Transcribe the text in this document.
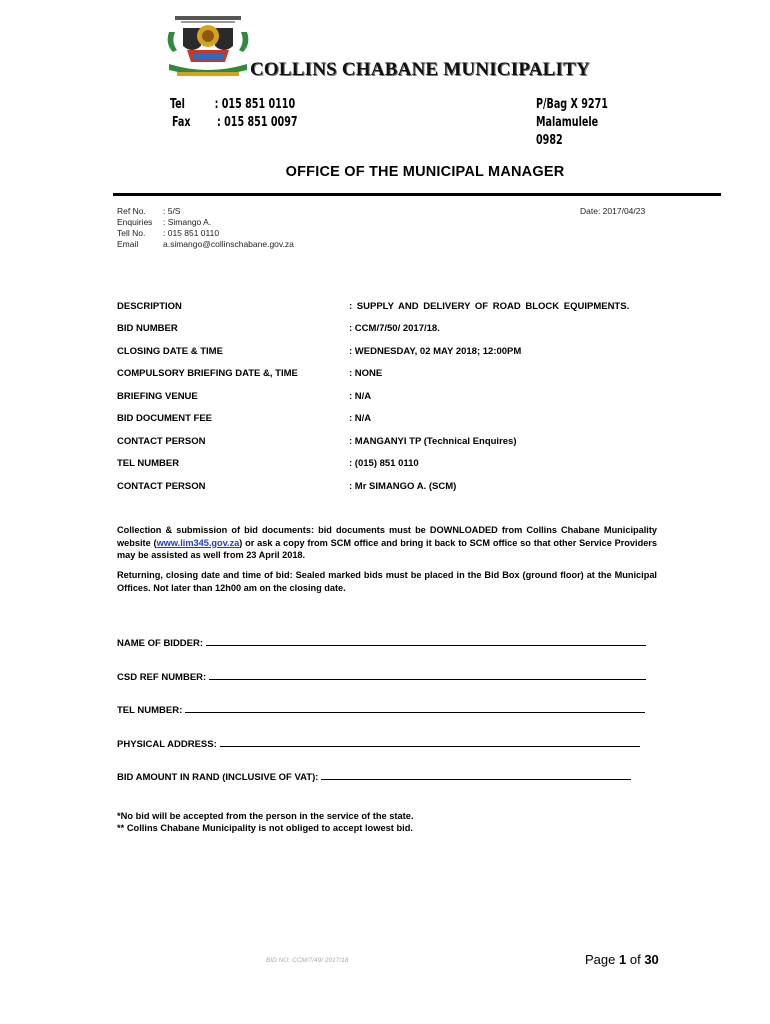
COLLINS CHABANE MUNICIPALITY
Tel : 015 851 0110
Fax : 015 851 0097
P/Bag X 9271
Malamulele
0982
OFFICE OF THE MUNICIPAL MANAGER
Ref No.	: 5/S
Enquiries	: Simango A.
Tell No.	: 015 851 0110
Email	a.simango@collinschabane.gov.za
Date: 2017/04/23
DESCRIPTION	: SUPPLY AND DELIVERY OF ROAD BLOCK EQUIPMENTS.
BID NUMBER	: CCM/7/50/ 2017/18.
CLOSING DATE & TIME	: WEDNESDAY, 02 MAY 2018; 12:00PM
COMPULSORY BRIEFING DATE &, TIME	: NONE
BRIEFING VENUE	: N/A
BID DOCUMENT FEE	: N/A
CONTACT PERSON	: MANGANYI TP (Technical Enquires)
TEL NUMBER	: (015) 851 0110
CONTACT PERSON	: Mr SIMANGO A. (SCM)
Collection & submission of bid documents: bid documents must be DOWNLOADED from Collins Chabane Municipality website (www.lim345.gov.za) or ask a copy from SCM office and bring it back to SCM office so that other Service Providers may be assisted as well from 23 April 2018.
Returning, closing date and time of bid: Sealed marked bids must be placed in the Bid Box (ground floor) at the Municipal Offices. Not later than 12h00 am on the closing date.
NAME OF BIDDER:
CSD REF NUMBER:
TEL NUMBER:
PHYSICAL ADDRESS:
BID AMOUNT IN RAND (INCLUSIVE OF VAT):
*No bid will be accepted from the person in the service of the state.
** Collins Chabane Municipality is not obliged to accept lowest bid.
BID NO: CCM/7/49/ 2017/18	Page 1 of 30
